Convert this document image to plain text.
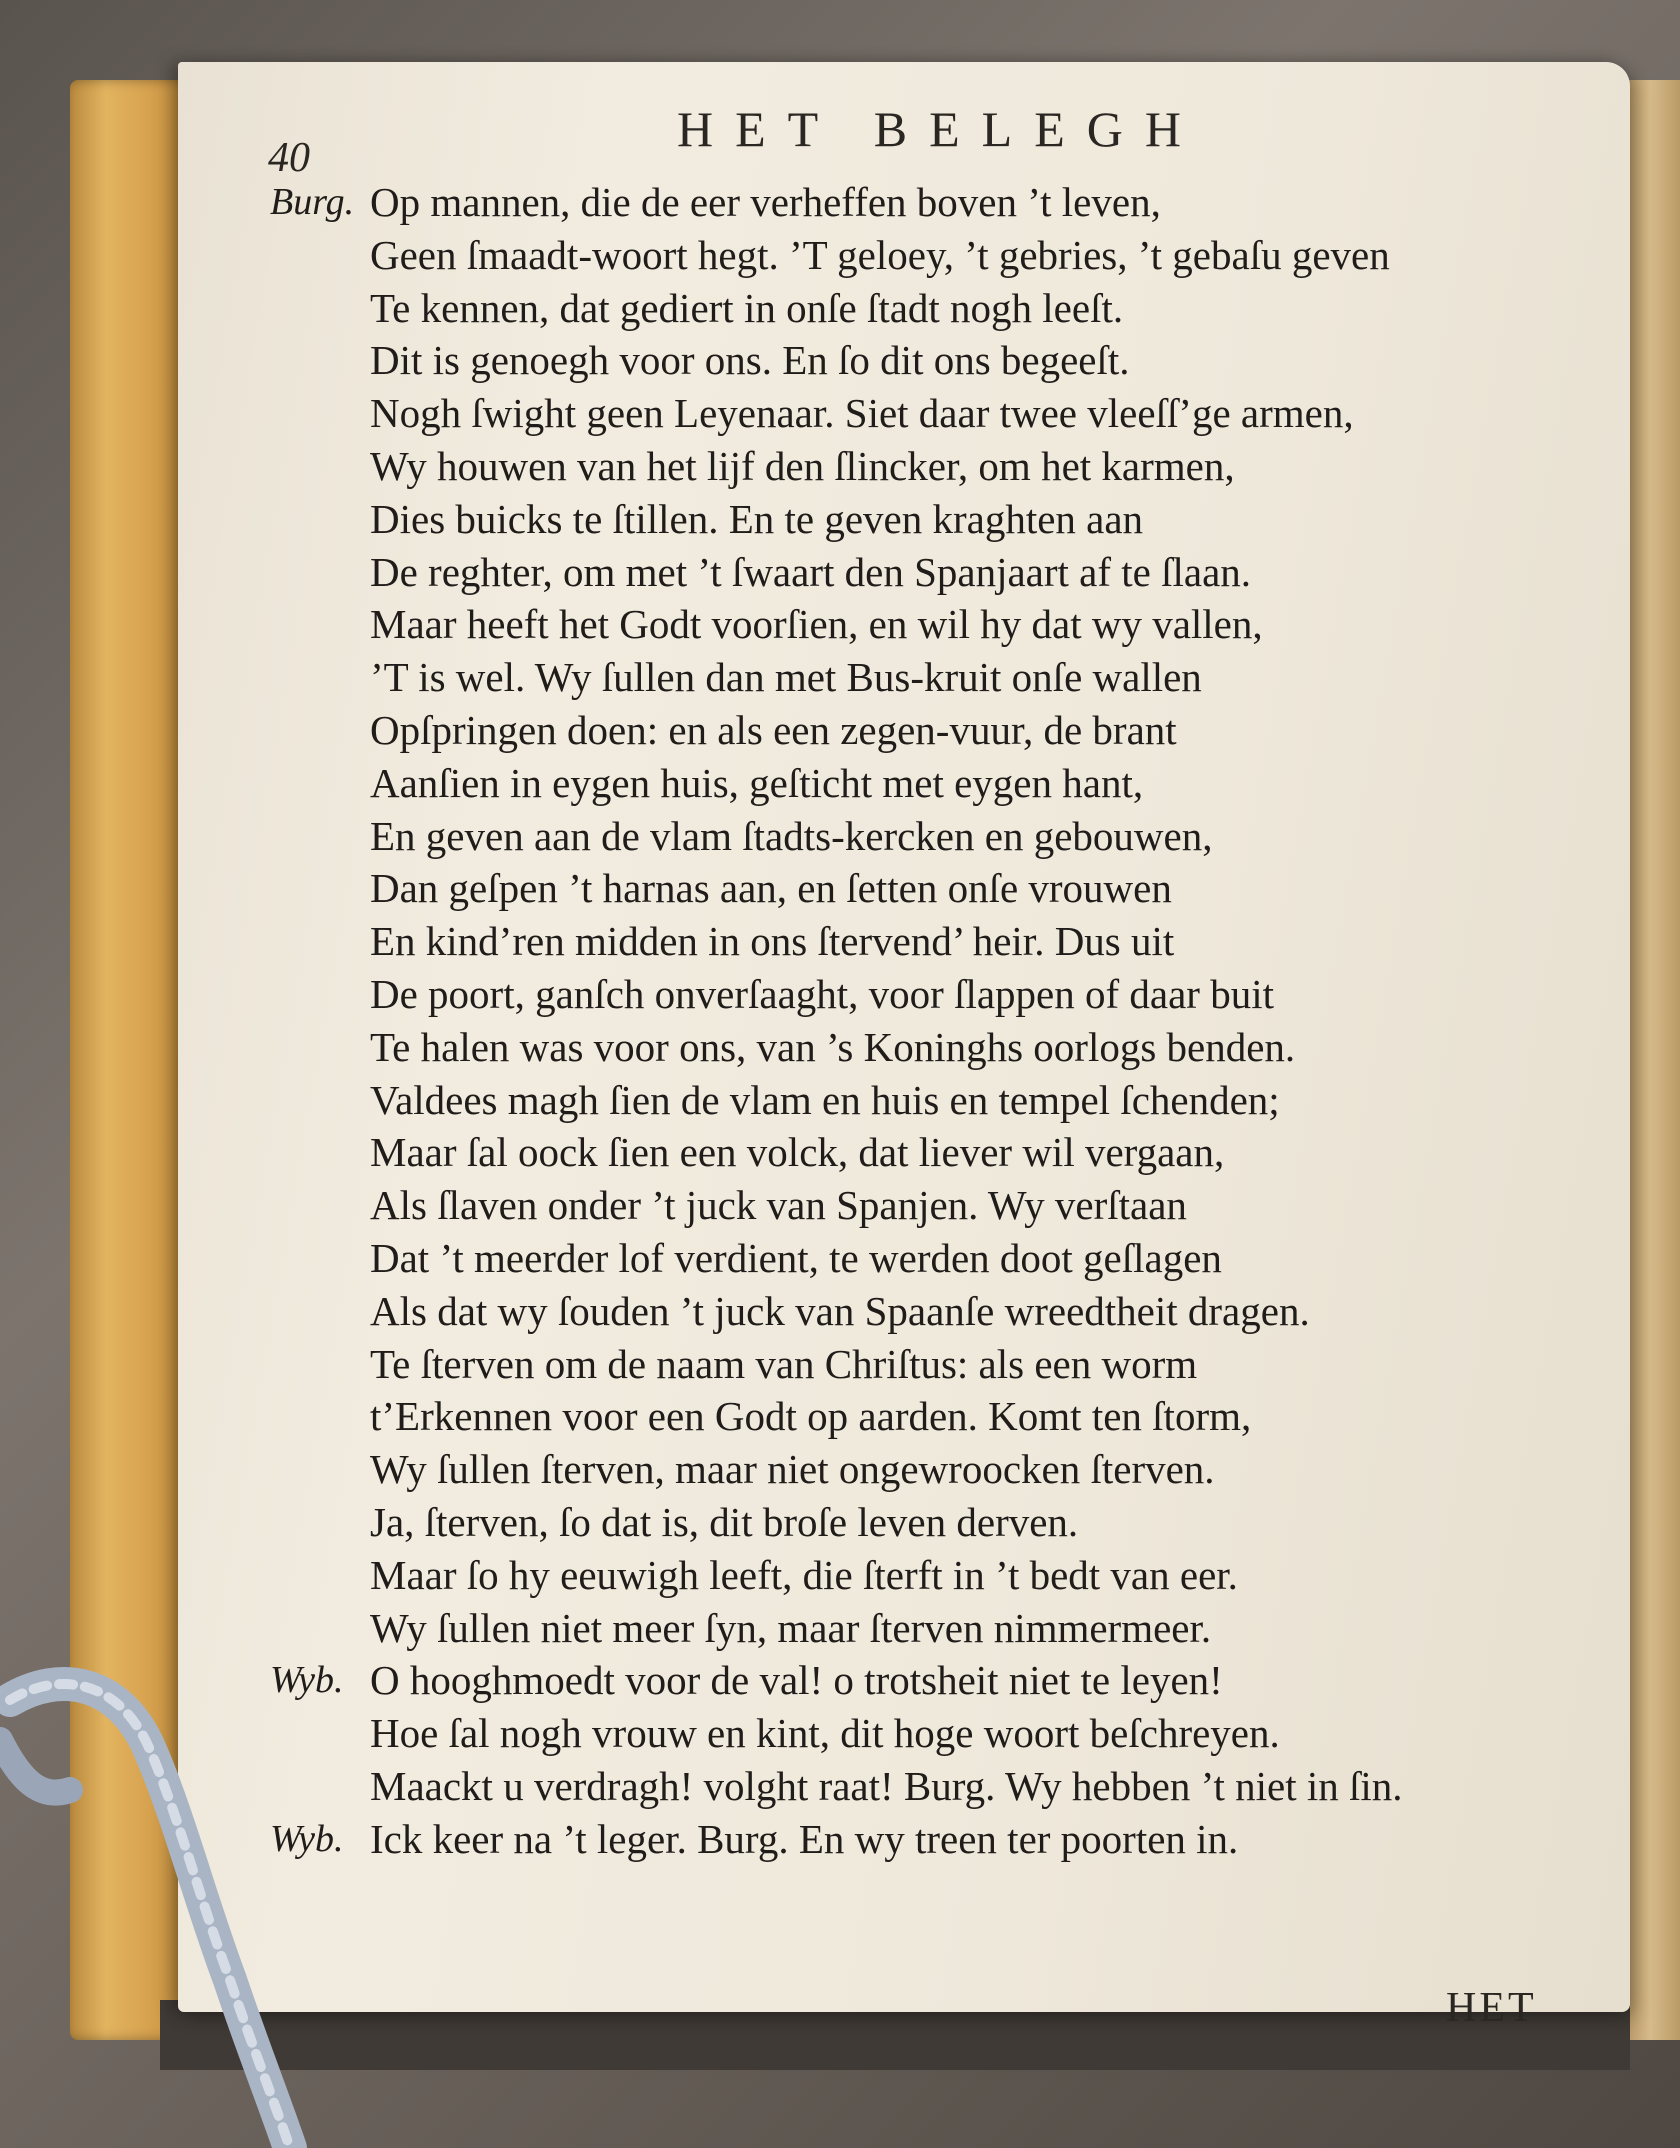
40
HET BELEGH
Burg. Op mannen, die de eer verheffen boven ’t leven,
Geen ſmaadt-woort hegt. ’T geloey, ’t gebries, ’t gebaſu geven
Te kennen, dat gediert in onſe ſtadt nogh leeſt.
Dit is genoegh voor ons. En ſo dit ons begeeſt.
Nogh ſwight geen Leyenaar. Siet daar twee vleeſſ’ge armen,
Wy houwen van het lijf den ſlincker, om het karmen,
Dies buicks te ſtillen. En te geven kraghten aan
De reghter, om met ’t ſwaart den Spanjaart af te ſlaan.
Maar heeft het Godt voorſien, en wil hy dat wy vallen,
’T is wel. Wy ſullen dan met Bus-kruit onſe wallen
Opſpringen doen: en als een zegen-vuur, de brant
Aanſien in eygen huis, geſticht met eygen hant,
En geven aan de vlam ſtadts-kercken en gebouwen,
Dan geſpen ’t harnas aan, en ſetten onſe vrouwen
En kind’ren midden in ons ſtervend’ heir. Dus uit
De poort, ganſch onverſaaght, voor ſlappen of daar buit
Te halen was voor ons, van ’s Koninghs oorlogs benden.
Valdees magh ſien de vlam en huis en tempel ſchenden;
Maar ſal oock ſien een volck, dat liever wil vergaan,
Als ſlaven onder ’t juck van Spanjen. Wy verſtaan
Dat ’t meerder lof verdient, te werden doot geſlagen
Als dat wy ſouden ’t juck van Spaanſe wreedtheit dragen.
Te ſterven om de naam van Chriſtus: als een worm
t’Erkennen voor een Godt op aarden. Komt ten ſtorm,
Wy ſullen ſterven, maar niet ongewroocken ſterven.
Ja, ſterven, ſo dat is, dit broſe leven derven.
Maar ſo hy eeuwigh leeft, die ſterft in ’t bedt van eer.
Wy ſullen niet meer ſyn, maar ſterven nimmermeer.
Wyb. O hooghmoedt voor de val! o trotsheit niet te leyen!
Hoe ſal nogh vrouw en kint, dit hoge woort beſchreyen.
Maackt u verdragh! volght raat! Burg. Wy hebben ’t niet in ſin.
Wyb. Ick keer na ’t leger. Burg. En wy treen ter poorten in.
HET
